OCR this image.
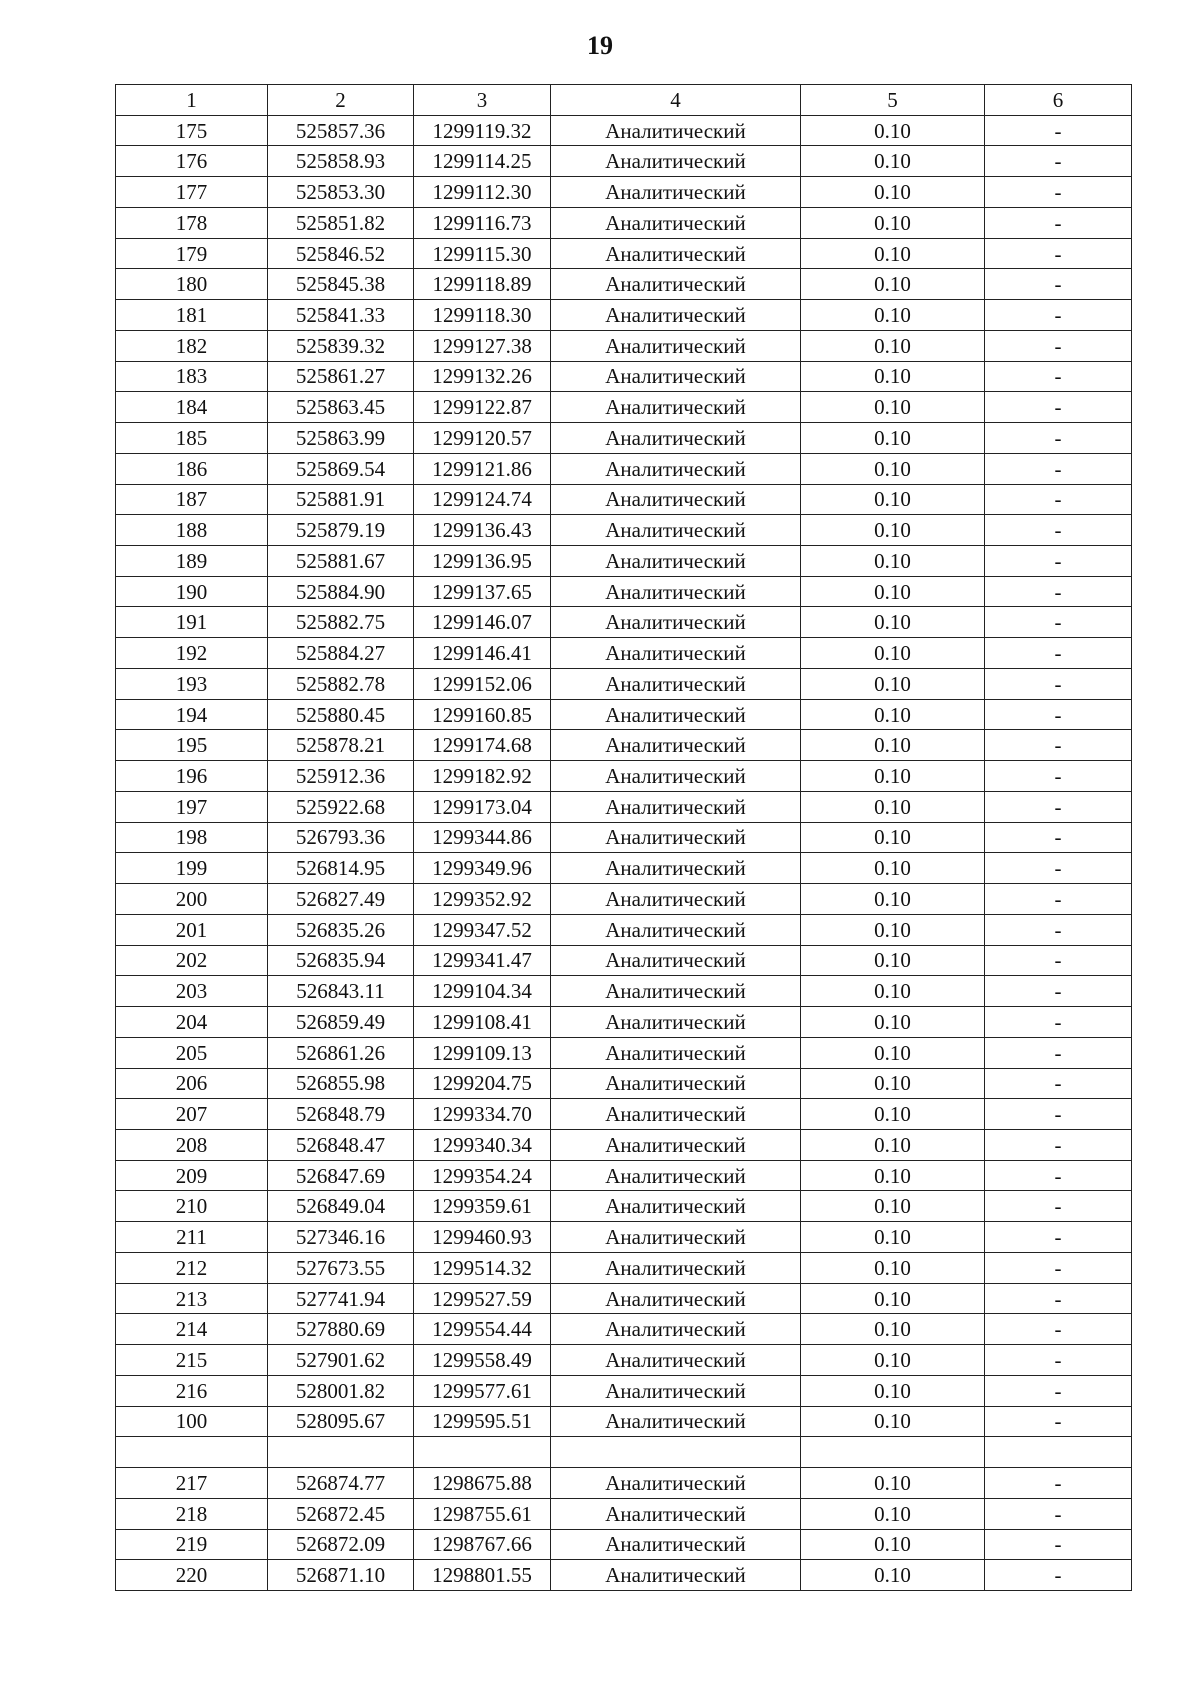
19
1	2	3	4	5	6
175	525857.36	1299119.32	Аналитический	0.10	-
176	525858.93	1299114.25	Аналитический	0.10	-
177	525853.30	1299112.30	Аналитический	0.10	-
178	525851.82	1299116.73	Аналитический	0.10	-
179	525846.52	1299115.30	Аналитический	0.10	-
180	525845.38	1299118.89	Аналитический	0.10	-
181	525841.33	1299118.30	Аналитический	0.10	-
182	525839.32	1299127.38	Аналитический	0.10	-
183	525861.27	1299132.26	Аналитический	0.10	-
184	525863.45	1299122.87	Аналитический	0.10	-
185	525863.99	1299120.57	Аналитический	0.10	-
186	525869.54	1299121.86	Аналитический	0.10	-
187	525881.91	1299124.74	Аналитический	0.10	-
188	525879.19	1299136.43	Аналитический	0.10	-
189	525881.67	1299136.95	Аналитический	0.10	-
190	525884.90	1299137.65	Аналитический	0.10	-
191	525882.75	1299146.07	Аналитический	0.10	-
192	525884.27	1299146.41	Аналитический	0.10	-
193	525882.78	1299152.06	Аналитический	0.10	-
194	525880.45	1299160.85	Аналитический	0.10	-
195	525878.21	1299174.68	Аналитический	0.10	-
196	525912.36	1299182.92	Аналитический	0.10	-
197	525922.68	1299173.04	Аналитический	0.10	-
198	526793.36	1299344.86	Аналитический	0.10	-
199	526814.95	1299349.96	Аналитический	0.10	-
200	526827.49	1299352.92	Аналитический	0.10	-
201	526835.26	1299347.52	Аналитический	0.10	-
202	526835.94	1299341.47	Аналитический	0.10	-
203	526843.11	1299104.34	Аналитический	0.10	-
204	526859.49	1299108.41	Аналитический	0.10	-
205	526861.26	1299109.13	Аналитический	0.10	-
206	526855.98	1299204.75	Аналитический	0.10	-
207	526848.79	1299334.70	Аналитический	0.10	-
208	526848.47	1299340.34	Аналитический	0.10	-
209	526847.69	1299354.24	Аналитический	0.10	-
210	526849.04	1299359.61	Аналитический	0.10	-
211	527346.16	1299460.93	Аналитический	0.10	-
212	527673.55	1299514.32	Аналитический	0.10	-
213	527741.94	1299527.59	Аналитический	0.10	-
214	527880.69	1299554.44	Аналитический	0.10	-
215	527901.62	1299558.49	Аналитический	0.10	-
216	528001.82	1299577.61	Аналитический	0.10	-
100	528095.67	1299595.51	Аналитический	0.10	-

217	526874.77	1298675.88	Аналитический	0.10	-
218	526872.45	1298755.61	Аналитический	0.10	-
219	526872.09	1298767.66	Аналитический	0.10	-
220	526871.10	1298801.55	Аналитический	0.10	-
